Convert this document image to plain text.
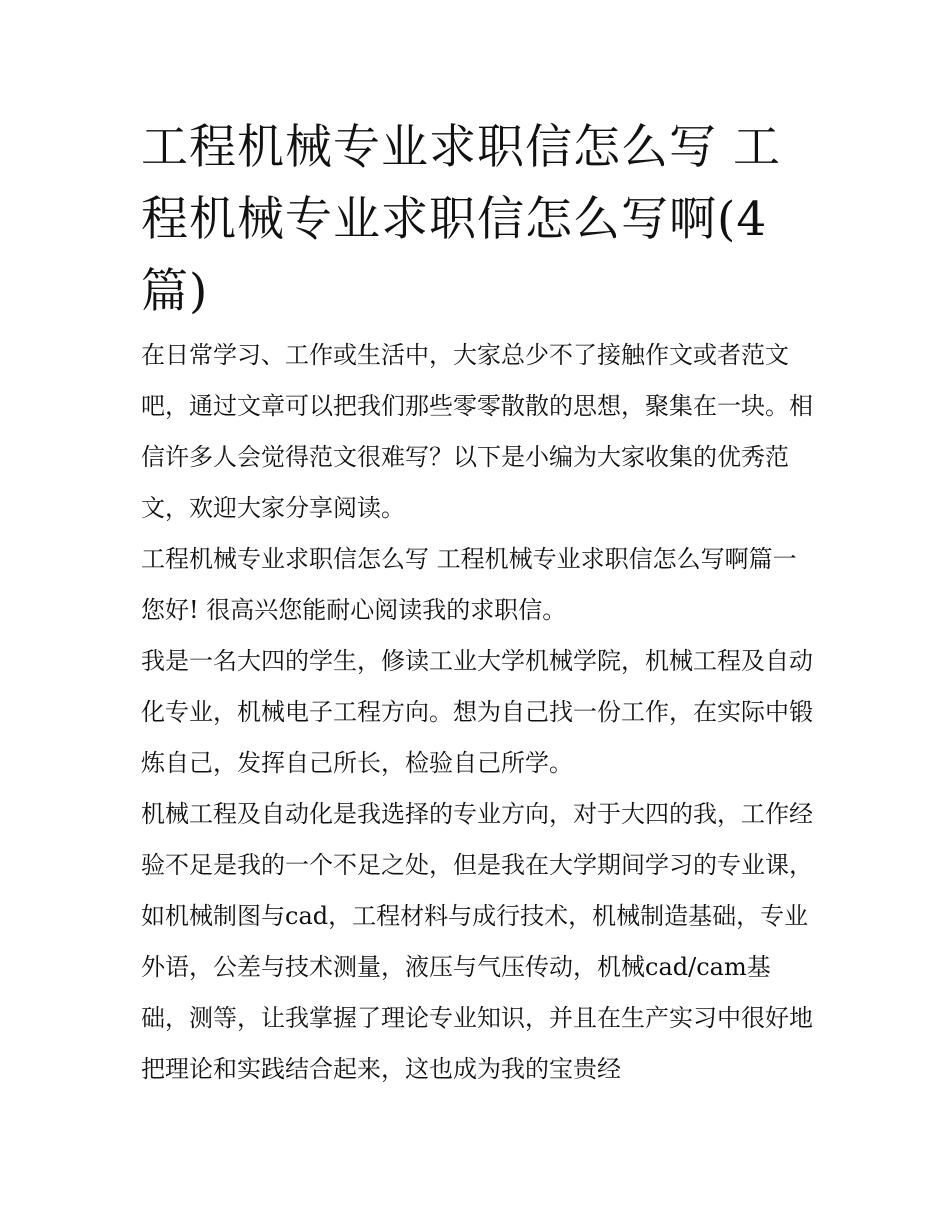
工程机械专业求职信怎么写 工程机械专业求职信怎么写啊(4篇)

在日常学习、工作或生活中，大家总少不了接触作文或者范文吧，通过文章可以把我们那些零零散散的思想，聚集在一块。相信许多人会觉得范文很难写？以下是小编为大家收集的优秀范文，欢迎大家分享阅读。

工程机械专业求职信怎么写 工程机械专业求职信怎么写啊篇一 您好! 很高兴您能耐心阅读我的求职信。

我是一名大四的学生，修读工业大学机械学院，机械工程及自动化专业，机械电子工程方向。想为自己找一份工作，在实际中锻炼自己，发挥自己所长，检验自己所学。

机械工程及自动化是我选择的专业方向，对于大四的我，工作经验不足是我的一个不足之处，但是我在大学期间学习的专业课，如机械制图与cad，工程材料与成行技术，机械制造基础，专业外语，公差与技术测量，液压与气压传动，机械cad/cam基础，测等，让我掌握了理论专业知识，并且在生产实习中很好地把理论和实践结合起来，这也成为我的宝贵经
